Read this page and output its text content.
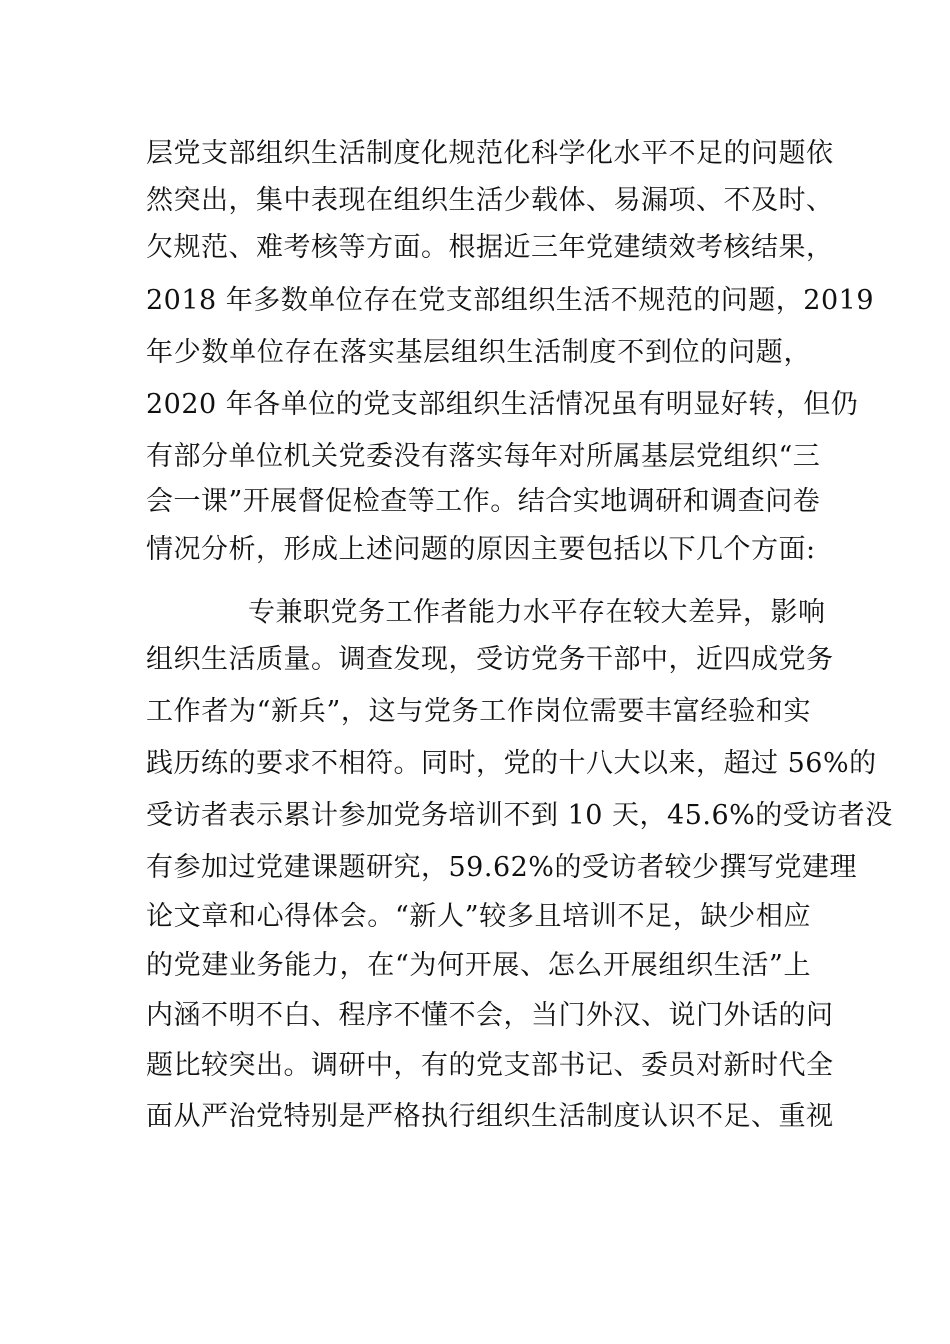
层党支部组织生活制度化规范化科学化水平不足的问题依
然突出，集中表现在组织生活少载体、易漏项、不及时、
欠规范、难考核等方面。根据近三年党建绩效考核结果，
2018 年多数单位存在党支部组织生活不规范的问题，2019
年少数单位存在落实基层组织生活制度不到位的问题，
2020 年各单位的党支部组织生活情况虽有明显好转，但仍
有部分单位机关党委没有落实每年对所属基层党组织“三
会一课”开展督促检查等工作。结合实地调研和调查问卷
情况分析，形成上述问题的原因主要包括以下几个方面:
专兼职党务工作者能力水平存在较大差异，影响
组织生活质量。调查发现，受访党务干部中，近四成党务
工作者为“新兵”，这与党务工作岗位需要丰富经验和实
践历练的要求不相符。同时，党的十八大以来，超过 56%的
受访者表示累计参加党务培训不到 10 天，45.6%的受访者没
有参加过党建课题研究，59.62%的受访者较少撰写党建理
论文章和心得体会。“新人”较多且培训不足，缺少相应
的党建业务能力，在“为何开展、怎么开展组织生活”上
内涵不明不白、程序不懂不会，当门外汉、说门外话的问
题比较突出。调研中，有的党支部书记、委员对新时代全
面从严治党特别是严格执行组织生活制度认识不足、重视
